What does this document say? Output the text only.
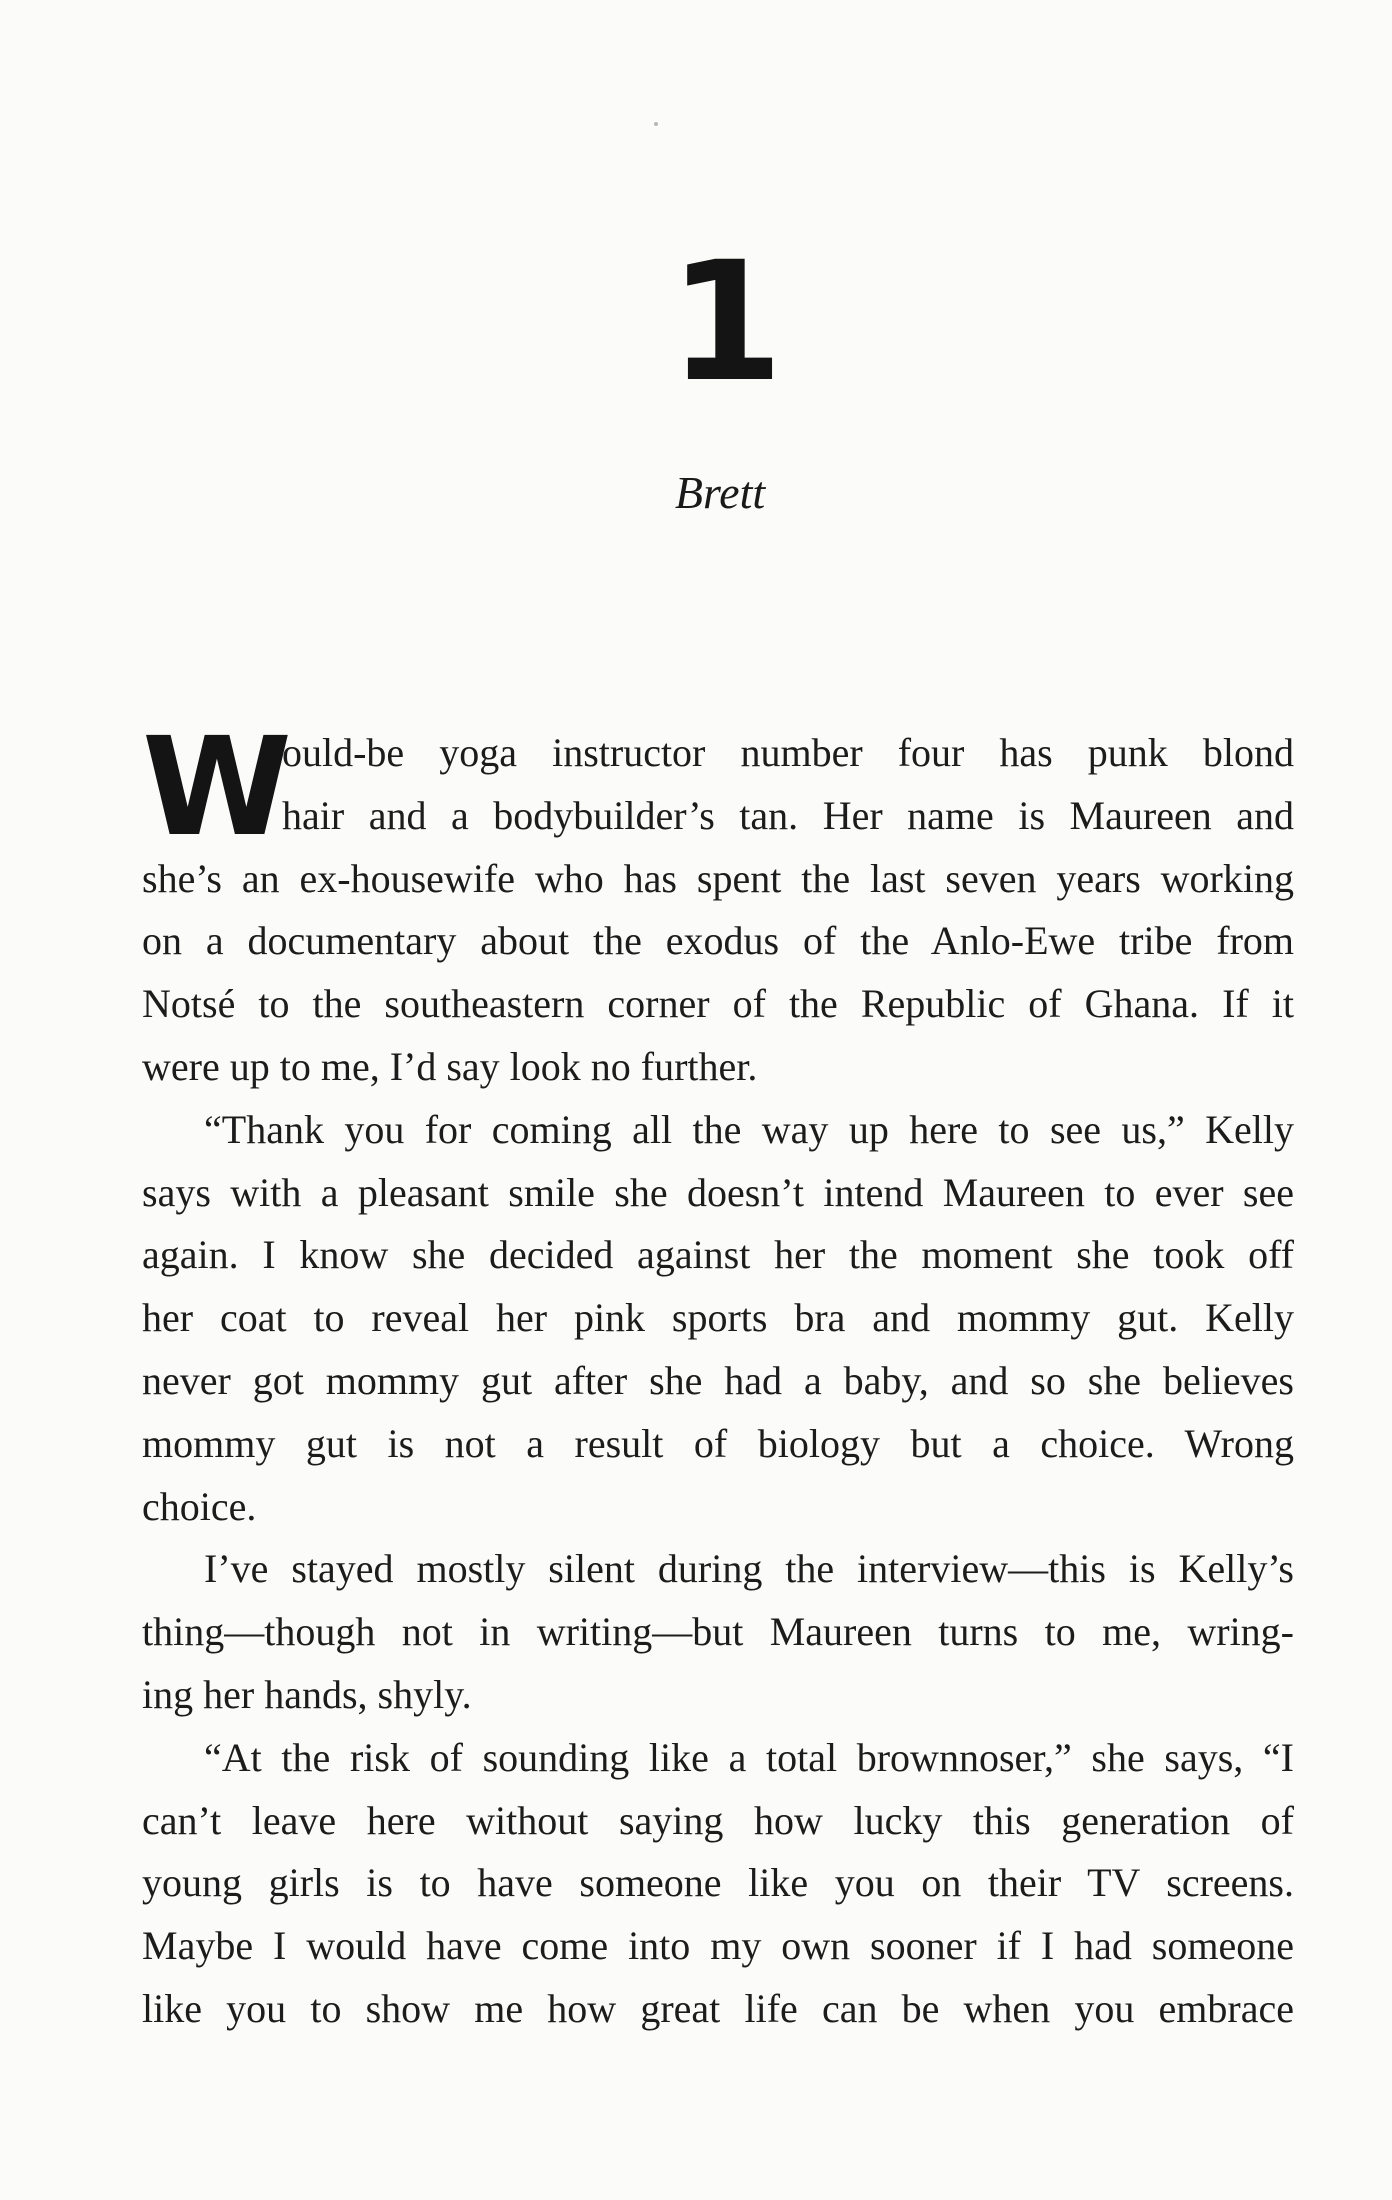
1
Brett
W
ould-be yoga instructor number four has punk blond
hair and a bodybuilder’s tan. Her name is Maureen and
she’s an ex-housewife who has spent the last seven years working
on a documentary about the exodus of the Anlo-Ewe tribe from
Notsé to the southeastern corner of the Republic of Ghana. If it
were up to me, I’d say look no further.
“Thank you for coming all the way up here to see us,” Kelly
says with a pleasant smile she doesn’t intend Maureen to ever see
again. I know she decided against her the moment she took off
her coat to reveal her pink sports bra and mommy gut. Kelly
never got mommy gut after she had a baby, and so she believes
mommy gut is not a result of biology but a choice. Wrong
choice.
I’ve stayed mostly silent during the interview—this is Kelly’s
thing—though not in writing—but Maureen turns to me, wring-
ing her hands, shyly.
“At the risk of sounding like a total brownnoser,” she says, “I
can’t leave here without saying how lucky this generation of
young girls is to have someone like you on their TV screens.
Maybe I would have come into my own sooner if I had someone
like you to show me how great life can be when you embrace
